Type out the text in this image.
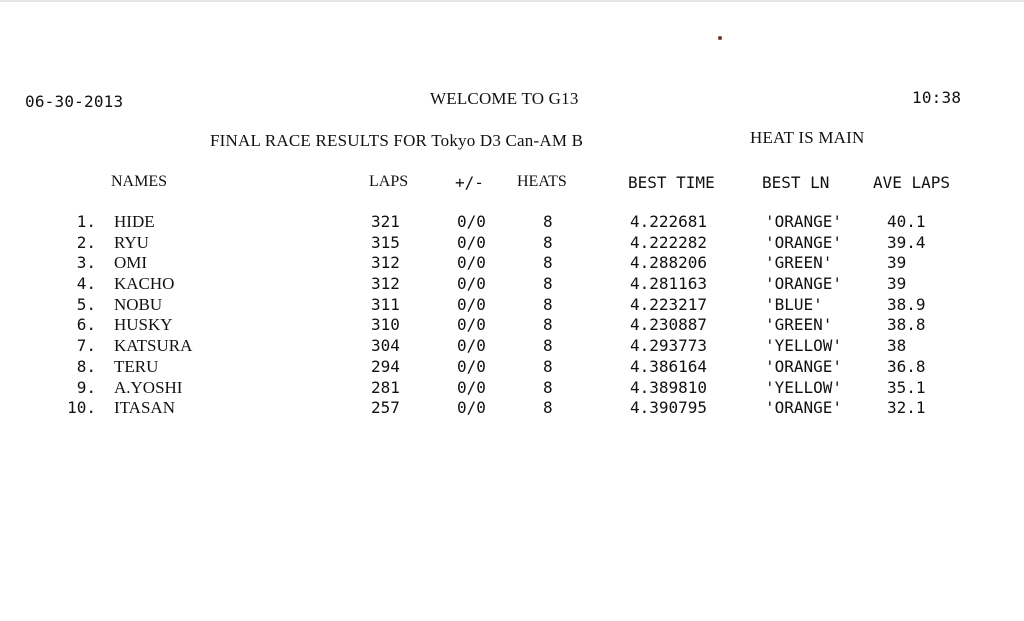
06-30-2013	WELCOME TO G13	10:38
FINAL RACE RESULTS FOR Tokyo D3 Can-AM B	HEAT IS MAIN
NAMES	LAPS	+/- HEATS	BEST TIME	BEST LN	AVE LAPS
1. HIDE	321	0/0	8	4.222681	'ORANGE'	40.1
2. RYU	315	0/0	8	4.222282	'ORANGE'	39.4
3. OMI	312	0/0	8	4.288206	'GREEN'	39
4. KACHO	312	0/0	8	4.281163	'ORANGE'	39
5. NOBU	311	0/0	8	4.223217	'BLUE'	38.9
6. HUSKY	310	0/0	8	4.230887	'GREEN'	38.8
7. KATSURA	304	0/0	8	4.293773	'YELLOW'	38
8. TERU	294	0/0	8	4.386164	'ORANGE'	36.8
9. A.YOSHI	281	0/0	8	4.389810	'YELLOW'	35.1
10. ITASAN	257	0/0	8	4.390795	'ORANGE'	32.1
